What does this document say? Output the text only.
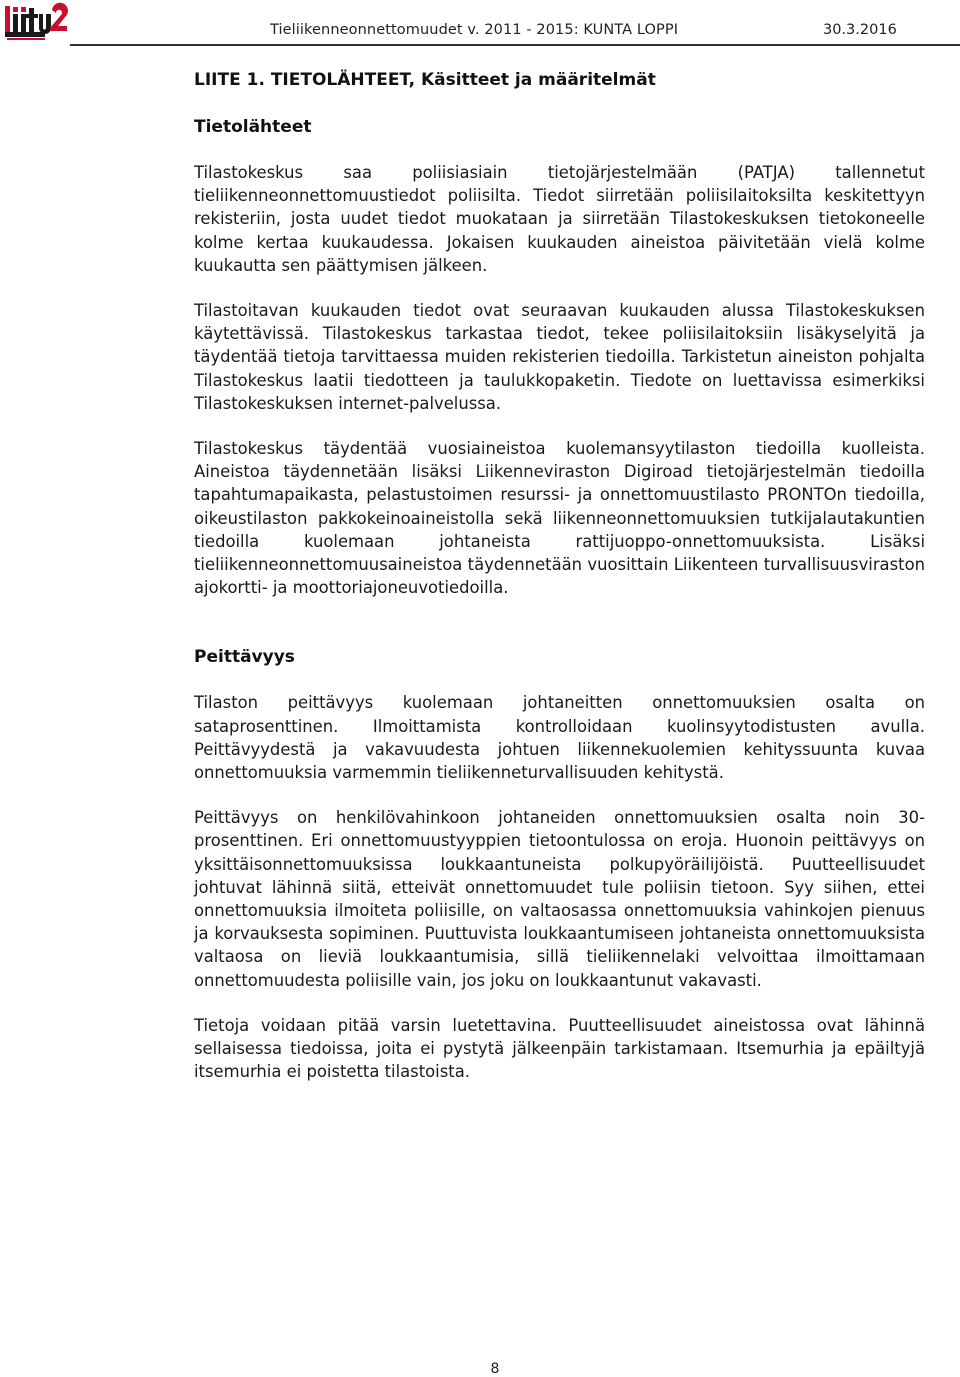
Tieliikenneonnettomuudet v. 2011 - 2015: KUNTA LOPPI	30.3.2016
LIITE 1. TIETOLÄHTEET, Käsitteet ja määritelmät
Tietolähteet

Tilastokeskus saa poliisiasiain tietojärjestelmään (PATJA) tallennetut tieliikenneonnettomuustiedot poliisilta. Tiedot siirretään poliisilaitoksilta keskitettyyn rekisteriin, josta uudet tiedot muokataan ja siirretään Tilastokeskuksen tietokoneelle kolme kertaa kuukaudessa. Jokaisen kuukauden aineistoa päivitetään vielä kolme kuukautta sen päättymisen jälkeen.

Tilastoitavan kuukauden tiedot ovat seuraavan kuukauden alussa Tilastokeskuksen käytettävissä. Tilastokeskus tarkastaa tiedot, tekee poliisilaitoksiin lisäkyselyitä ja täydentää tietoja tarvittaessa muiden rekisterien tiedoilla. Tarkistetun aineiston pohjalta Tilastokeskus laatii tiedotteen ja taulukkopaketin. Tiedote on luettavissa esimerkiksi Tilastokeskuksen internet-palvelussa.

Tilastokeskus täydentää vuosiaineistoa kuolemansyytilaston tiedoilla kuolleista. Aineistoa täydennetään lisäksi Liikenneviraston Digiroad tietojärjestelmän tiedoilla tapahtumapaikasta, pelastustoimen resurssi- ja onnettomuustilasto PRONTOn tiedoilla, oikeustilaston pakkokeinoaineistolla sekä liikenneonnettomuuksien tutkijalautakuntien tiedoilla kuolemaan johtaneista rattijuoppo-onnettomuuksista. Lisäksi tieliikenneonnettomuusaineistoa täydennetään vuosittain Liikenteen turvallisuusviraston ajokortti- ja moottoriajoneuvotiedoilla.

Peittävyys

Tilaston peittävyys kuolemaan johtaneitten onnettomuuksien osalta on sataprosenttinen. Ilmoittamista kontrolloidaan kuolinsyytodistusten avulla. Peittävyydestä ja vakavuudesta johtuen liikennekuolemien kehityssuunta kuvaa onnettomuuksia varmemmin tieliikenneturvallisuuden kehitystä.

Peittävyys on henkilövahinkoon johtaneiden onnettomuuksien osalta noin 30-prosenttinen. Eri onnettomuustyyppien tietoontulossa on eroja. Huonoin peittävyys on yksittäisonnettomuuksissa loukkaantuneista polkupyöräilijöistä. Puutteellisuudet johtuvat lähinnä siitä, etteivät onnettomuudet tule poliisin tietoon. Syy siihen, ettei onnettomuuksia ilmoiteta poliisille, on valtaosassa onnettomuuksia vahinkojen pienuus ja korvauksesta sopiminen. Puuttuvista loukkaantumiseen johtaneista onnettomuuksista valtaosa on lieviä loukkaantumisia, sillä tieliikennelaki velvoittaa ilmoittamaan onnettomuudesta poliisille vain, jos joku on loukkaantunut vakavasti.

Tietoja voidaan pitää varsin luetettavina. Puutteellisuudet aineistossa ovat lähinnä sellaisessa tiedoissa, joita ei pystytä jälkeenpäin tarkistamaan. Itsemurhia ja epäiltyjä itsemurhia ei poistetta tilastoista.

8
